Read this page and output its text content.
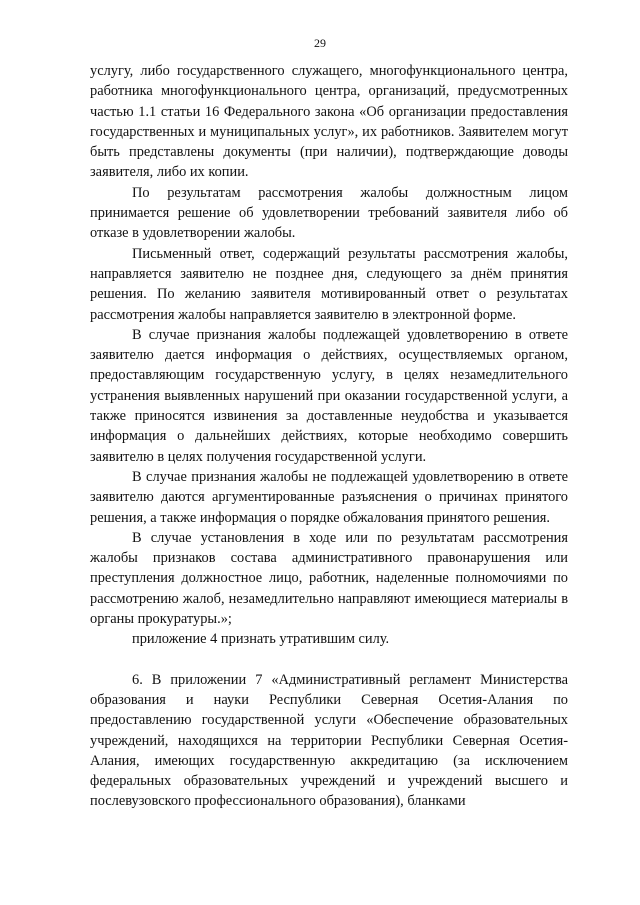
29

услугу, либо государственного служащего, многофункционального центра, работника многофункционального центра, организаций, предусмотренных частью 1.1 статьи 16 Федерального закона «Об организации предоставления государственных и муниципальных услуг», их работников. Заявителем могут быть представлены документы (при наличии), подтверждающие доводы заявителя, либо их копии.

По результатам рассмотрения жалобы должностным лицом принимается решение об удовлетворении требований заявителя либо об отказе в удовлетворении жалобы.

Письменный ответ, содержащий результаты рассмотрения жалобы, направляется заявителю не позднее дня, следующего за днём принятия решения. По желанию заявителя мотивированный ответ о результатах рассмотрения жалобы направляется заявителю в электронной форме.

В случае признания жалобы подлежащей удовлетворению в ответе заявителю дается информация о действиях, осуществляемых органом, предоставляющим государственную услугу, в целях незамедлительного устранения выявленных нарушений при оказании государственной услуги, а также приносятся извинения за доставленные неудобства и указывается информация о дальнейших действиях, которые необходимо совершить заявителю в целях получения государственной услуги.

В случае признания жалобы не подлежащей удовлетворению в ответе заявителю даются аргументированные разъяснения о причинах принятого решения, а также информация о порядке обжалования принятого решения.

В случае установления в ходе или по результатам рассмотрения жалобы признаков состава административного правонарушения или преступления должностное лицо, работник, наделенные полномочиями по рассмотрению жалоб, незамедлительно направляют имеющиеся материалы в органы прокуратуры.»;

приложение 4 признать утратившим силу.

6. В приложении 7 «Административный регламент Министерства образования и науки Республики Северная Осетия-Алания по предоставлению государственной услуги «Обеспечение образовательных учреждений, находящихся на территории Республики Северная Осетия-Алания, имеющих государственную аккредитацию (за исключением федеральных образовательных учреждений и учреждений высшего и послевузовского профессионального образования), бланками
